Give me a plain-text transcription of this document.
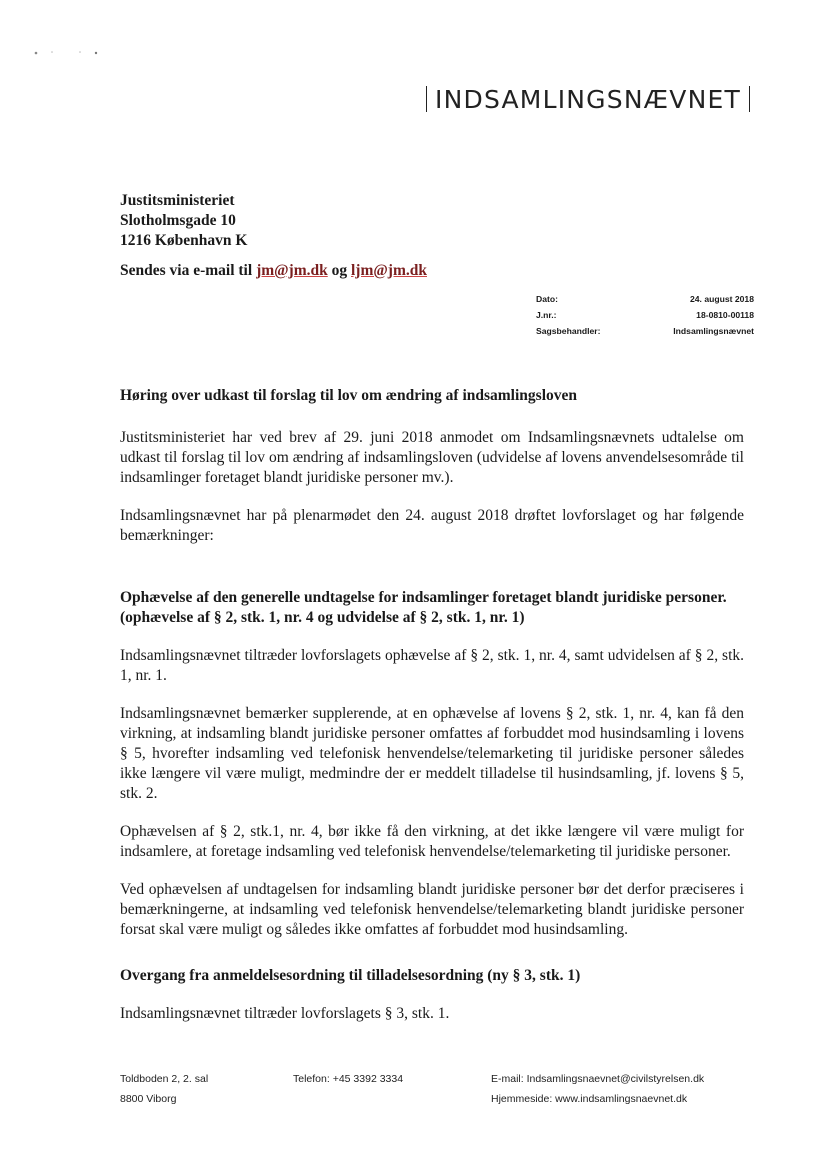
INDSAMLINGSNÆVNET
Justitsministeriet
Slotholmsgade 10
1216 København K
Sendes via e-mail til jm@jm.dk og ljm@jm.dk
Dato:	24. august 2018
J.nr.:	18-0810-00118
Sagsbehandler:	Indsamlingsnævnet
Høring over udkast til forslag til lov om ændring af indsamlingsloven

Justitsministeriet har ved brev af 29. juni 2018 anmodet om Indsamlingsnævnets udtalelse om udkast til forslag til lov om ændring af indsamlingsloven (udvidelse af lovens anvendelsesområde til indsamlinger foretaget blandt juridiske personer mv.).

Indsamlingsnævnet har på plenarmødet den 24. august 2018 drøftet lovforslaget og har følgende bemærkninger:

Ophævelse af den generelle undtagelse for indsamlinger foretaget blandt juridiske personer. (ophævelse af § 2, stk. 1, nr. 4 og udvidelse af § 2, stk. 1, nr. 1)

Indsamlingsnævnet tiltræder lovforslagets ophævelse af § 2, stk. 1, nr. 4, samt udvidelsen af § 2, stk. 1, nr. 1.

Indsamlingsnævnet bemærker supplerende, at en ophævelse af lovens § 2, stk. 1, nr. 4, kan få den virkning, at indsamling blandt juridiske personer omfattes af forbuddet mod husindsamling i lovens § 5, hvorefter indsamling ved telefonisk henvendelse/telemarketing til juridiske personer således ikke længere vil være muligt, medmindre der er meddelt tilladelse til husindsamling, jf. lovens § 5, stk. 2.

Ophævelsen af § 2, stk.1, nr. 4, bør ikke få den virkning, at det ikke længere vil være muligt for indsamlere, at foretage indsamling ved telefonisk henvendelse/telemarketing til juridiske personer.

Ved ophævelsen af undtagelsen for indsamling blandt juridiske personer bør det derfor præciseres i bemærkningerne, at indsamling ved telefonisk henvendelse/telemarketing blandt juridiske personer forsat skal være muligt og således ikke omfattes af forbuddet mod husindsamling.

Overgang fra anmeldelsesordning til tilladelsesordning (ny § 3, stk. 1)

Indsamlingsnævnet tiltræder lovforslagets § 3, stk. 1.

Toldboden 2, 2. sal
8800 Viborg
Telefon: +45 3392 3334	E-mail: Indsamlingsnaevnet@civilstyrelsen.dk
Hjemmeside: www.indsamlingsnaevnet.dk
